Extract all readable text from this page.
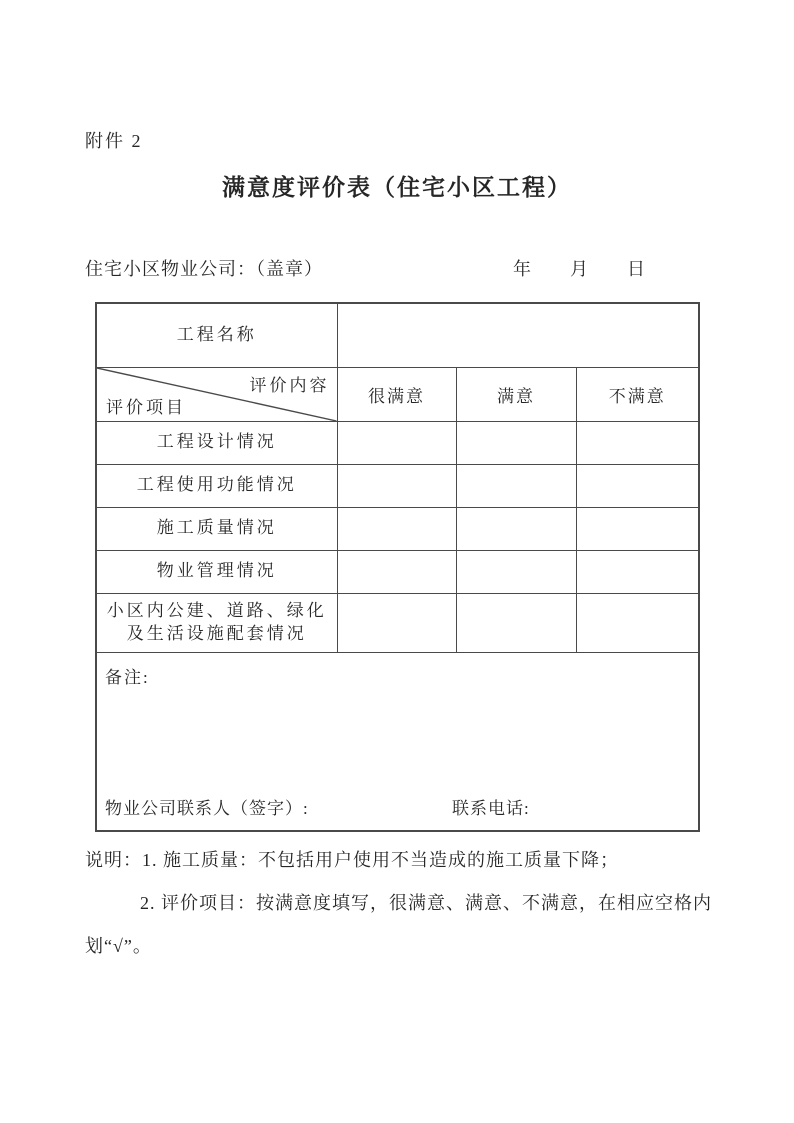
附件 2
满意度评价表（住宅小区工程）
住宅小区物业公司：（盖章）	年　　月　　日
工程名称			

评价内容
评价项目	很满意	满意	不满意
工程设计情况			
工程使用功能情况			
施工质量情况			
物业管理情况			
小区内公建、道路、绿化
及生活设施配套情况			

备注:
物业公司联系人（签字）: 联系电话:			
说明：1. 施工质量：不包括用户使用不当造成的施工质量下降；
2. 评价项目：按满意度填写，很满意、满意、不满意，在相应空格内
划“√”。
